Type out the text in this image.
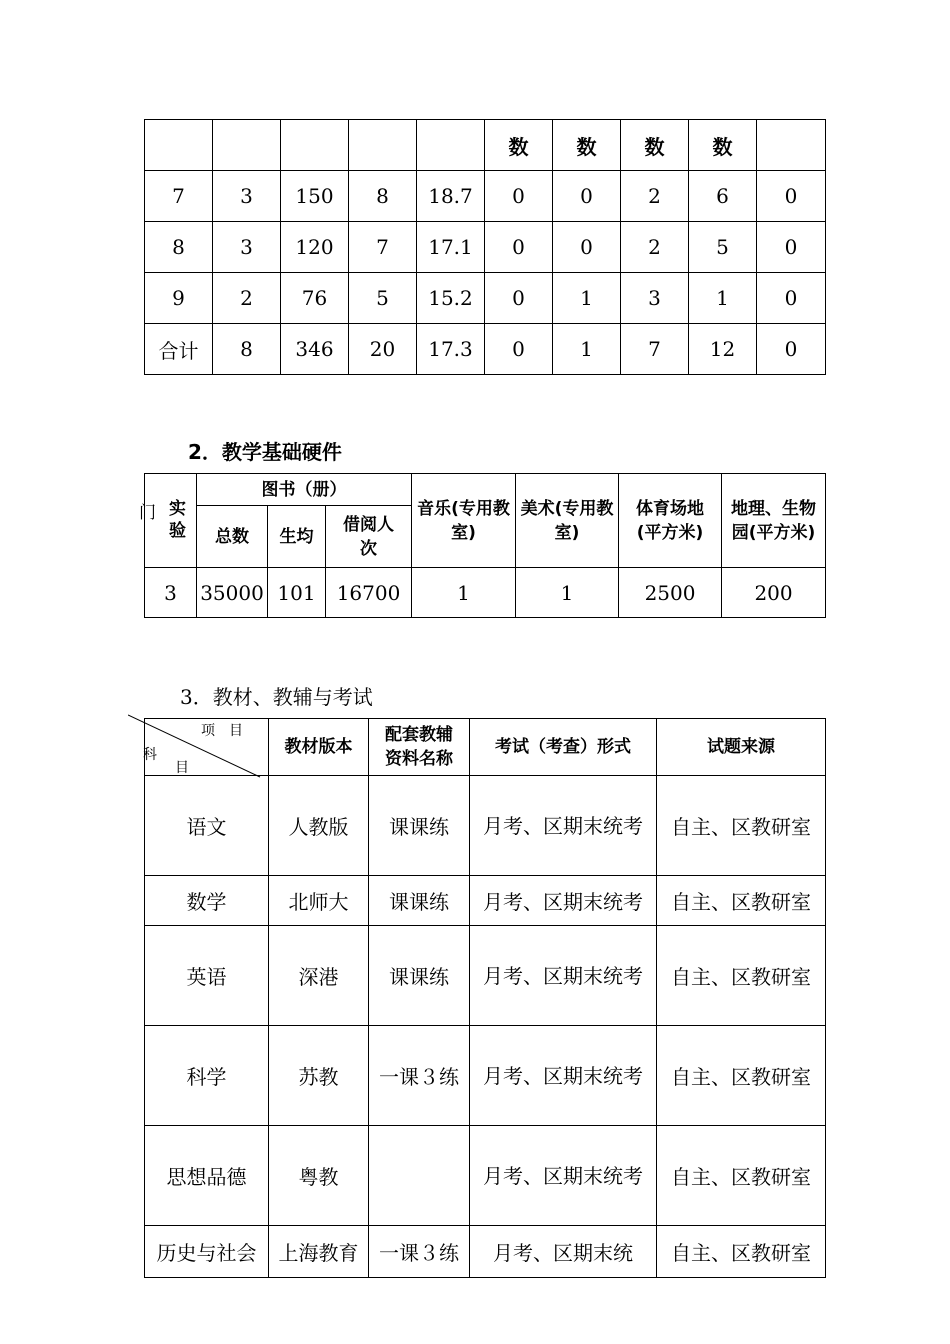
					数	数	数	数	
7	3	150	8	18.7	0	0	2	6	0
8	3	120	7	17.1	0	0	2	5	0
9	2	76	5	15.2	0	1	3	1	0
合计	8	346	20	17.3	0	1	7	12	0
2．教学基础硬件
门 实验	图书（册）			音乐(专用教室)	美术(专用教室)	体育场地(平方米)	地理、生物园(平方米)

	总数	生均	借阅人次				

3	35000	101	16700	1	1	2500	200
3．教材、教辅与考试
项　目
科
目	教材版本	配套教辅资料名称	考试（考查）形式	试题来源
语文	人教版	课课练	月考、区期末统考	自主、区教研室
数学	北师大	课课练	月考、区期末统考	自主、区教研室
英语	深港	课课练	月考、区期末统考	自主、区教研室
科学	苏教	一课３练	月考、区期末统考	自主、区教研室
思想品德	粤教		月考、区期末统考	自主、区教研室
历史与社会	上海教育	一课３练	月考、区期末统	自主、区教研室
